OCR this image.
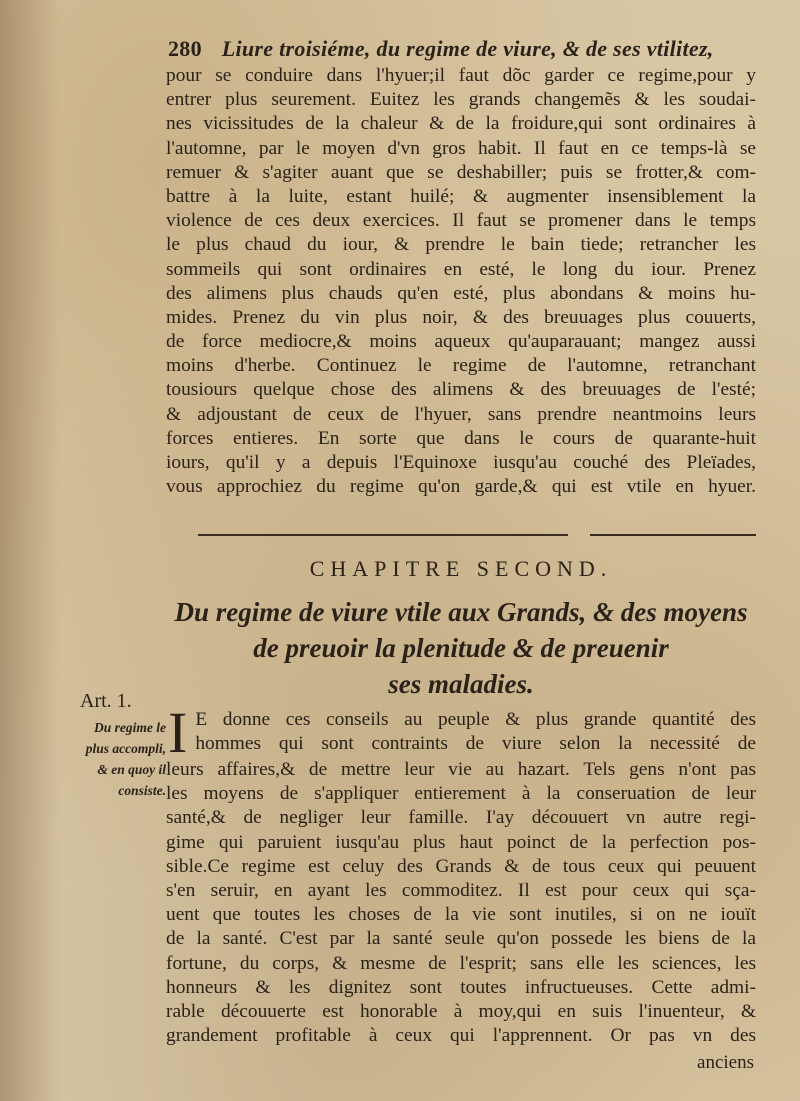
280 Liure troisiéme, du regime de viure, & de ses vtilitez,
pour se conduire dans l'hyuer;il faut dõc garder ce regime,pour y
entrer plus seurement. Euitez les grands changemẽs & les soudai-
nes vicissitudes de la chaleur & de la froidure,qui sont ordinaires à
l'automne, par le moyen d'vn gros habit. Il faut en ce temps-là se
remuer & s'agiter auant que se deshabiller; puis se frotter,& com-
battre à la luite, estant huilé; & augmenter insensiblement la
violence de ces deux exercices. Il faut se promener dans le temps
le plus chaud du iour, & prendre le bain tiede; retrancher les
sommeils qui sont ordinaires en esté, le long du iour. Prenez
des alimens plus chauds qu'en esté, plus abondans & moins hu-
mides. Prenez du vin plus noir, & des breuuages plus couuerts,
de force mediocre,& moins aqueux qu'auparauant; mangez aussi
moins d'herbe. Continuez le regime de l'automne, retranchant
tousiours quelque chose des alimens & des breuuages de l'esté;
& adjoustant de ceux de l'hyuer, sans prendre neantmoins leurs
forces entieres. En sorte que dans le cours de quarante-huit
iours, qu'il y a depuis l'Equinoxe iusqu'au couché des Pleïades,
vous approchiez du regime qu'on garde,& qui est vtile en hyuer.
CHAPITRE SECOND.
Du regime de viure vtile aux Grands, & des moyens
de preuoir la plenitude & de preuenir
ses maladies.
Art. 1.
Du regime le
plus accompli,
& en quoy il
consiste.
I E donne ces conseils au peuple & plus grande quantité des
hommes qui sont contraints de viure selon la necessité de
leurs affaires,& de mettre leur vie au hazart. Tels gens n'ont pas
les moyens de s'appliquer entierement à la conseruation de leur
santé,& de negliger leur famille. I'ay découuert vn autre regi-
gime qui paruient iusqu'au plus haut poinct de la perfection pos-
sible.Ce regime est celuy des Grands & de tous ceux qui peuuent
s'en seruir, en ayant les commoditez. Il est pour ceux qui sça-
uent que toutes les choses de la vie sont inutiles, si on ne iouït
de la santé. C'est par la santé seule qu'on possede les biens de la
fortune, du corps, & mesme de l'esprit; sans elle les sciences, les
honneurs & les dignitez sont toutes infructueuses. Cette admi-
rable découuerte est honorable à moy,qui en suis l'inuenteur, &
grandement profitable à ceux qui l'apprennent. Or pas vn des
anciens
